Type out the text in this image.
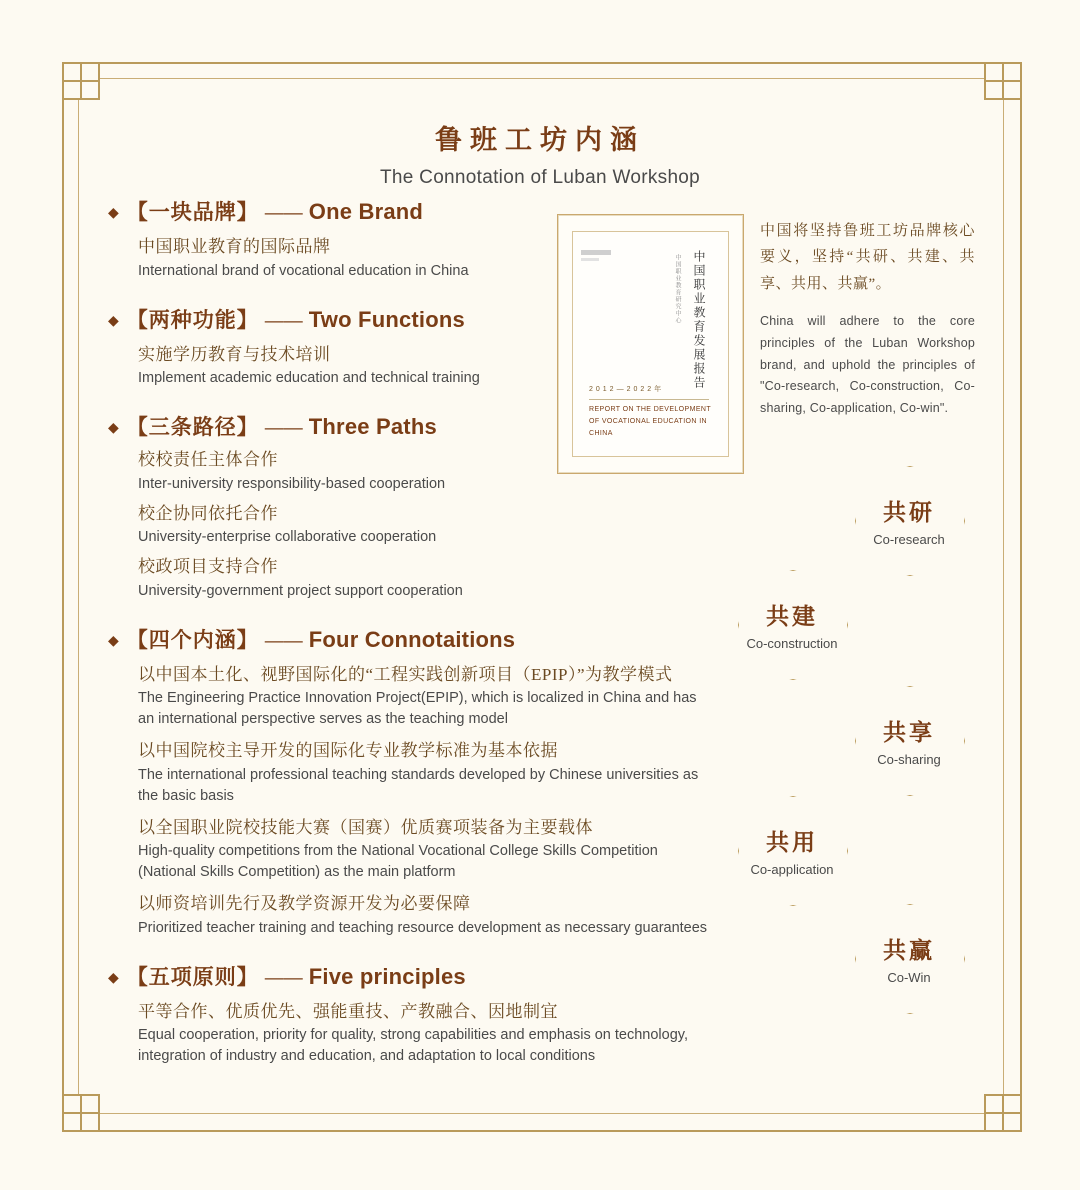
鲁班工坊内涵
The Connotation of Luban Workshop
◆ 【一块品牌】 —— One Brand
中国职业教育的国际品牌
International brand of vocational education in China
◆ 【两种功能】 —— Two Functions
实施学历教育与技术培训
Implement academic education and technical training
◆ 【三条路径】 —— Three Paths
校校责任主体合作
Inter-university responsibility-based cooperation
校企协同依托合作
University-enterprise collaborative cooperation
校政项目支持合作
University-government project support cooperation
◆ 【四个内涵】 —— Four Connotaitions
以中国本土化、视野国际化的“工程实践创新项目（EPIP）”为教学模式
The Engineering Practice Innovation Project(EPIP), which is localized in China and has an international perspective serves as the teaching model
以中国院校主导开发的国际化专业教学标准为基本依据
The international professional teaching standards developed by Chinese universities as the basic basis
以全国职业院校技能大赛（国赛）优质赛项装备为主要载体
High-quality competitions from the National Vocational College Skills Competition (National Skills Competition) as the main platform
以师资培训先行及教学资源开发为必要保障
Prioritized teacher training and teaching resource development as necessary guarantees
◆ 【五项原则】 —— Five principles
平等合作、优质优先、强能重技、产教融合、因地制宜
Equal cooperation, priority for quality, strong capabilities and emphasis on technology, integration of industry and education, and adaptation to local conditions
中国职业教育发展报告
中国职业教育研究中心
2012—2022年
REPORT ON THE DEVELOPMENT OF VOCATIONAL EDUCATION IN CHINA
中国将坚持鲁班工坊品牌核心要义，坚持“共研、共建、共享、共用、共赢”。
China will adhere to the core principles of the Luban Workshop brand, and uphold the principles of "Co-research, Co-construction, Co-sharing, Co-application, Co-win".
共研
Co-research
共建
Co-construction
共享
Co-sharing
共用
Co-application
共赢
Co-Win
